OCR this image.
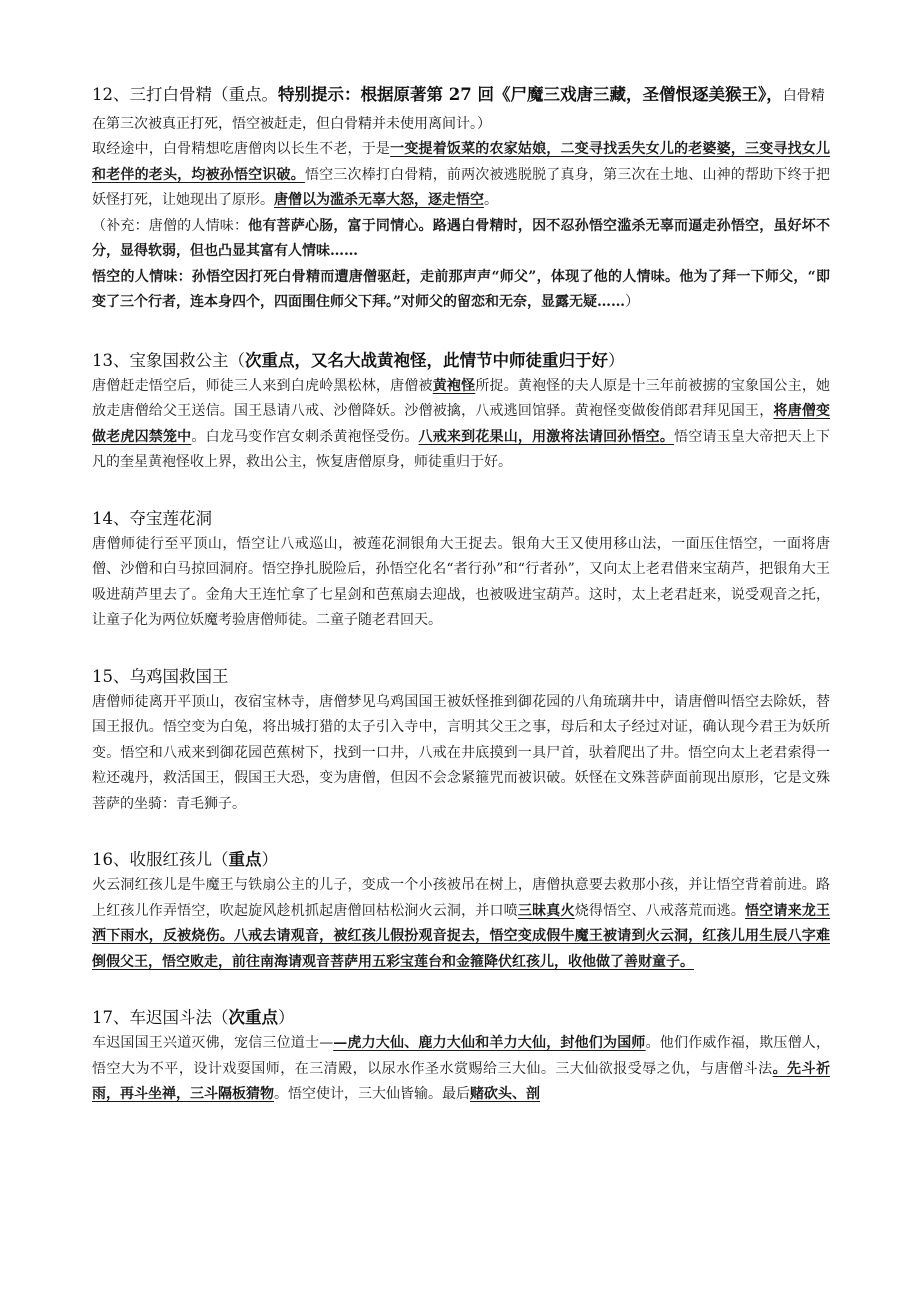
12、三打白骨精（重点。特别提示：根据原著第 27 回《尸魔三戏唐三藏，圣僧恨逐美猴王》，白骨精在第三次被真正打死，悟空被赶走，但白骨精并未使用离间计。）

取经途中，白骨精想吃唐僧肉以长生不老，于是一变提着饭菜的农家姑娘，二变寻找丢失女儿的老婆婆，三变寻找女儿和老伴的老头，均被孙悟空识破。悟空三次棒打白骨精，前两次被逃脱脱了真身，第三次在土地、山神的帮助下终于把妖怪打死，让她现出了原形。唐僧以为滥杀无辜大怒，逐走悟空。

（补充：唐僧的人情味：他有菩萨心肠，富于同情心。路遇白骨精时，因不忍孙悟空滥杀无辜而逼走孙悟空，虽好坏不分，显得软弱，但也凸显其富有人情味……

悟空的人情味：孙悟空因打死白骨精而遭唐僧驱赶，走前那声声“师父”，体现了他的人情味。他为了拜一下师父，“即变了三个行者，连本身四个，四面围住师父下拜。”对师父的留恋和无奈，显露无疑……）

13、宝象国救公主（次重点，又名大战黄袍怪，此情节中师徒重归于好）

唐僧赶走悟空后，师徒三人来到白虎岭黑松林，唐僧被黄袍怪所捉。黄袍怪的夫人原是十三年前被掳的宝象国公主，她放走唐僧给父王送信。国王恳请八戒、沙僧降妖。沙僧被擒，八戒逃回馆驿。黄袍怪变做俊俏郎君拜见国王，将唐僧变做老虎囚禁笼中。白龙马变作宫女刺杀黄袍怪受伤。八戒来到花果山，用激将法请回孙悟空。悟空请玉皇大帝把天上下凡的奎星黄袍怪收上界，救出公主，恢复唐僧原身，师徒重归于好。

14、夺宝莲花洞

唐僧师徒行至平顶山，悟空让八戒巡山，被莲花洞银角大王捉去。银角大王又使用移山法，一面压住悟空，一面将唐僧、沙僧和白马掠回洞府。悟空挣扎脱险后，孙悟空化名“者行孙”和“行者孙”，又向太上老君借来宝葫芦，把银角大王吸进葫芦里去了。金角大王连忙拿了七星剑和芭蕉扇去迎战，也被吸进宝葫芦。这时，太上老君赶来，说受观音之托，让童子化为两位妖魔考验唐僧师徒。二童子随老君回天。

15、乌鸡国救国王

唐僧师徒离开平顶山，夜宿宝林寺，唐僧梦见乌鸡国国王被妖怪推到御花园的八角琉璃井中，请唐僧叫悟空去除妖，替国王报仇。悟空变为白兔，将出城打猎的太子引入寺中，言明其父王之事，母后和太子经过对证，确认现今君王为妖所变。悟空和八戒来到御花园芭蕉树下，找到一口井，八戒在井底摸到一具尸首，驮着爬出了井。悟空向太上老君索得一粒还魂丹，救活国王，假国王大恐，变为唐僧，但因不会念紧箍咒而被识破。妖怪在文殊菩萨面前现出原形，它是文殊菩萨的坐骑：青毛狮子。

16、收服红孩儿（重点）

火云洞红孩儿是牛魔王与铁扇公主的儿子，变成一个小孩被吊在树上，唐僧执意要去救那小孩，并让悟空背着前进。路上红孩儿作弄悟空，吹起旋风趁机抓起唐僧回枯松涧火云洞，并口喷三昧真火烧得悟空、八戒落荒而逃。悟空请来龙王洒下雨水，反被烧伤。八戒去请观音，被红孩儿假扮观音捉去，悟空变成假牛魔王被请到火云洞，红孩儿用生辰八字难倒假父王，悟空败走，前往南海请观音菩萨用五彩宝莲台和金箍降伏红孩儿，收他做了善财童子。

17、车迟国斗法（次重点）

车迟国国王兴道灭佛，宠信三位道士——虎力大仙、鹿力大仙和羊力大仙，封他们为国师。他们作威作福，欺压僧人，悟空大为不平，设计戏耍国师，在三清殿，以尿水作圣水赏赐给三大仙。三大仙欲报受辱之仇，与唐僧斗法。先斗祈雨，再斗坐禅，三斗隔板猜物。悟空使计，三大仙皆输。最后赌砍头、剖
